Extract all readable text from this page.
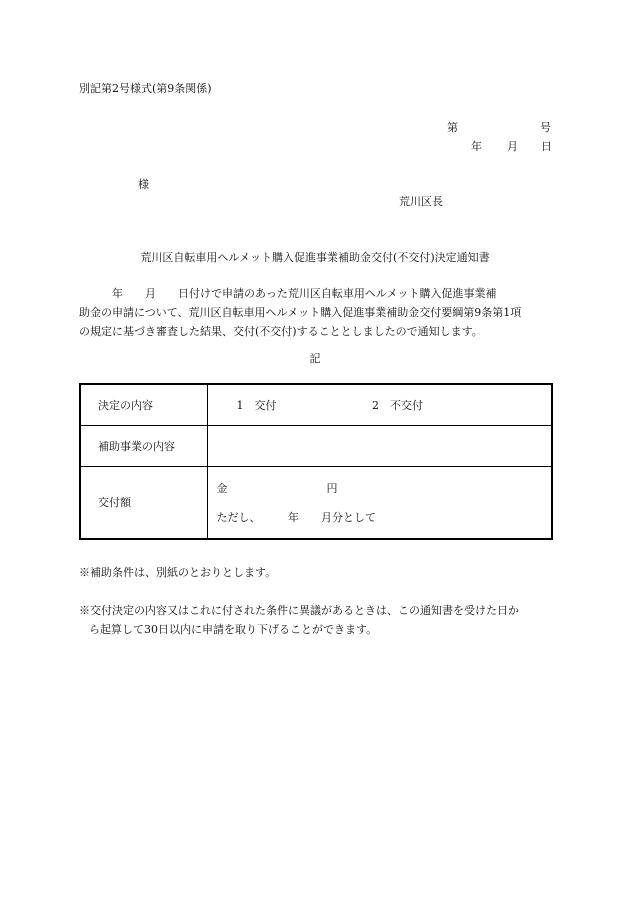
別記第2号様式(第9条関係)
第	号
年 月 日
様
荒川区長
荒川区自転車用ヘルメット購入促進事業補助金交付(不交付)決定通知書
　　　年　　月　　日付けで申請のあった荒川区自転車用ヘルメット購入促進事業補
助金の申請について、荒川区自転車用ヘルメット購入促進事業補助金交付要綱第9条第1項
の規定に基づき審査した結果、交付(不交付)することとしましたので通知します。
記
決定の内容	1　交付 2　不交付
補助事業の内容	
交付額	金　　　　　　　　　円
ただし、　　　年　　月分として
※補助条件は、別紙のとおりとします。
※交付決定の内容又はこれに付された条件に異議があるときは、この通知書を受けた日か
ら起算して30日以内に申請を取り下げることができます。
